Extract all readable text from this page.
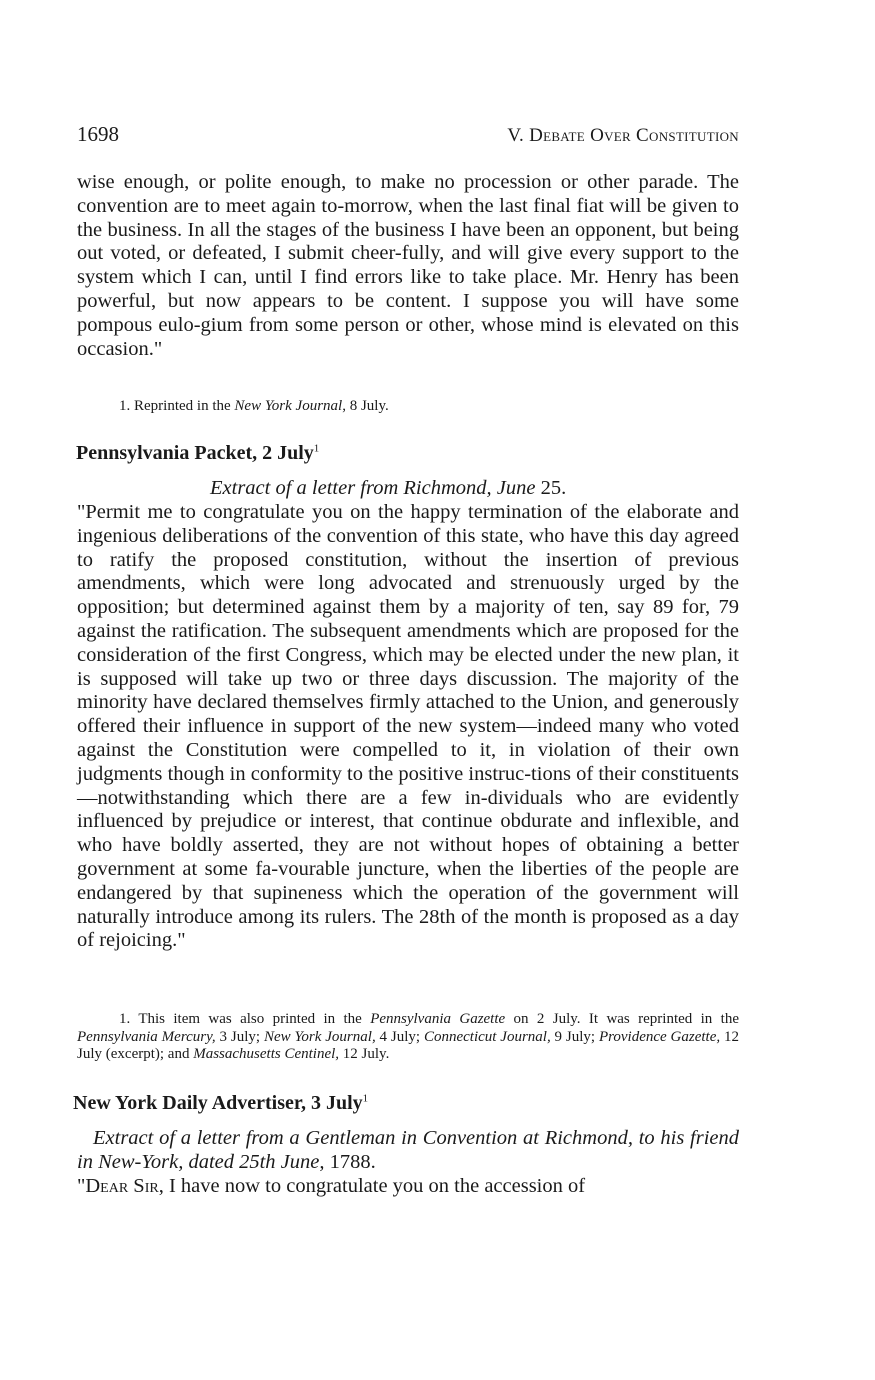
1698	V. Debate Over Constitution
wise enough, or polite enough, to make no procession or other parade. The convention are to meet again to-morrow, when the last final fiat will be given to the business. In all the stages of the business I have been an opponent, but being out voted, or defeated, I submit cheer-fully, and will give every support to the system which I can, until I find errors like to take place. Mr. Henry has been powerful, but now appears to be content. I suppose you will have some pompous eulo-gium from some person or other, whose mind is elevated on this occasion."
1. Reprinted in the New York Journal, 8 July.
Pennsylvania Packet, 2 July$^1$
Extract of a letter from Richmond, June 25.
"Permit me to congratulate you on the happy termination of the elaborate and ingenious deliberations of the convention of this state, who have this day agreed to ratify the proposed constitution, without the insertion of previous amendments, which were long advocated and strenuously urged by the opposition; but determined against them by a majority of ten, say 89 for, 79 against the ratification. The subsequent amendments which are proposed for the consideration of the first Congress, which may be elected under the new plan, it is supposed will take up two or three days discussion. The majority of the minority have declared themselves firmly attached to the Union, and generously offered their influence in support of the new system—indeed many who voted against the Constitution were compelled to it, in violation of their own judgments though in conformity to the positive instruc-tions of their constituents—notwithstanding which there are a few in-dividuals who are evidently influenced by prejudice or interest, that continue obdurate and inflexible, and who have boldly asserted, they are not without hopes of obtaining a better government at some fa-vourable juncture, when the liberties of the people are endangered by that supineness which the operation of the government will naturally introduce among its rulers. The 28th of the month is proposed as a day of rejoicing."
1. This item was also printed in the Pennsylvania Gazette on 2 July. It was reprinted in the Pennsylvania Mercury, 3 July; New York Journal, 4 July; Connecticut Journal, 9 July; Providence Gazette, 12 July (excerpt); and Massachusetts Centinel, 12 July.
New York Daily Advertiser, 3 July$^1$
Extract of a letter from a Gentleman in Convention at Richmond, to his friend in New-York, dated 25th June, 1788.
"Dear Sir, I have now to congratulate you on the accession of
